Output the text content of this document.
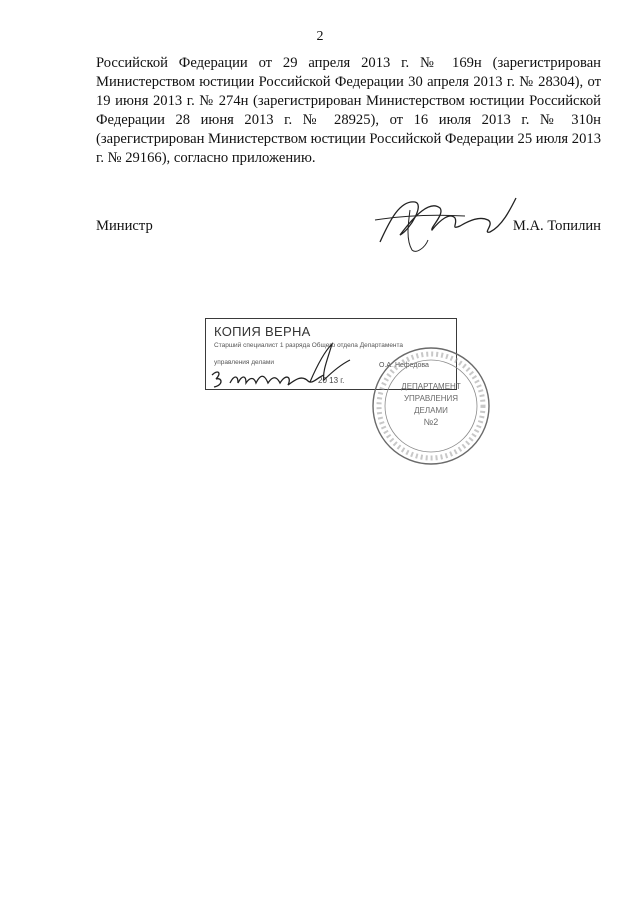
2

Российской Федерации от 29 апреля 2013 г. № 169н (зарегистрирован Министерством юстиции Российской Федерации 30 апреля 2013 г. № 28304), от 19 июня 2013 г. № 274н (зарегистрирован Министерством юстиции Российской Федерации 28 июня 2013 г. № 28925), от 16 июля 2013 г. № 310н (зарегистрирован Министерством юстиции Российской Федерации 25 июля 2013 г. № 29166), согласно приложению.

Министр	М.А. Топилин
КОПИЯ ВЕРНА
Старший специалист 1 разряда Общего отдела Департамента
управления делами	О.А. Нефедова
20 13 г.
ДЕПАРТАМЕНТ
УПРАВЛЕНИЯ
ДЕЛАМИ
№2
